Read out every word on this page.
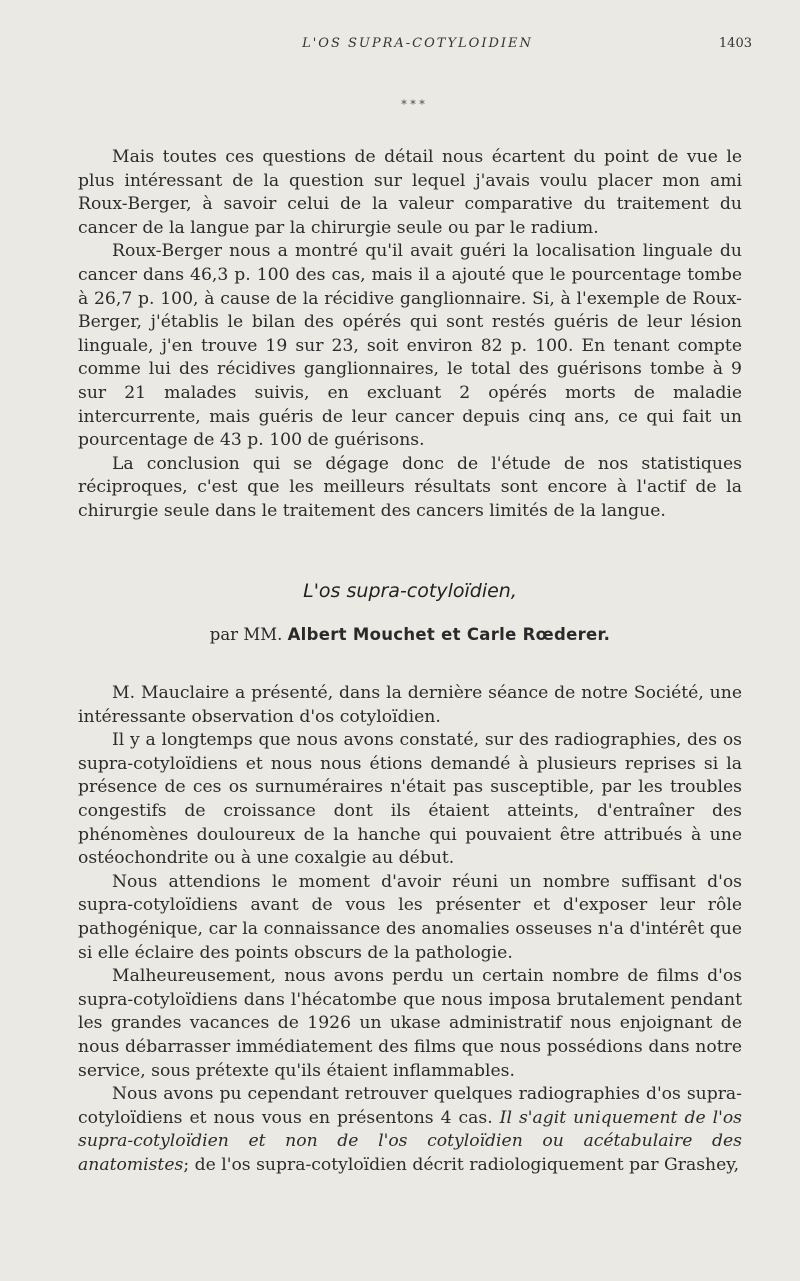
L'OS SUPRA-COTYLOIDIEN	1403
* * *

Mais toutes ces questions de détail nous écartent du point de vue le plus intéressant de la question sur lequel j'avais voulu placer mon ami Roux-Berger, à savoir celui de la valeur comparative du traitement du cancer de la langue par la chirurgie seule ou par le radium.

Roux-Berger nous a montré qu'il avait guéri la localisation linguale du cancer dans 46,3 p. 100 des cas, mais il a ajouté que le pourcentage tombe à 26,7 p. 100, à cause de la récidive ganglionnaire. Si, à l'exemple de Roux-Berger, j'établis le bilan des opérés qui sont restés guéris de leur lésion linguale, j'en trouve 19 sur 23, soit environ 82 p. 100. En tenant compte comme lui des récidives ganglionnaires, le total des guérisons tombe à 9 sur 21 malades suivis, en excluant 2 opérés morts de maladie intercurrente, mais guéris de leur cancer depuis cinq ans, ce qui fait un pourcentage de 43 p. 100 de guérisons.

La conclusion qui se dégage donc de l'étude de nos statistiques réciproques, c'est que les meilleurs résultats sont encore à l'actif de la chirurgie seule dans le traitement des cancers limités de la langue.

L'os supra-cotyloïdien,
par MM. Albert Mouchet et Carle Rœderer.

M. Mauclaire a présenté, dans la dernière séance de notre Société, une intéressante observation d'os cotyloïdien.

Il y a longtemps que nous avons constaté, sur des radiographies, des os supra-cotyloïdiens et nous nous étions demandé à plusieurs reprises si la présence de ces os surnuméraires n'était pas susceptible, par les troubles congestifs de croissance dont ils étaient atteints, d'entraîner des phénomènes douloureux de la hanche qui pouvaient être attribués à une ostéochondrite ou à une coxalgie au début.

Nous attendions le moment d'avoir réuni un nombre suffisant d'os supra-cotyloïdiens avant de vous les présenter et d'exposer leur rôle pathogénique, car la connaissance des anomalies osseuses n'a d'intérêt que si elle éclaire des points obscurs de la pathologie.

Malheureusement, nous avons perdu un certain nombre de films d'os supra-cotyloïdiens dans l'hécatombe que nous imposa brutalement pendant les grandes vacances de 1926 un ukase administratif nous enjoignant de nous débarrasser immédiatement des films que nous possédions dans notre service, sous prétexte qu'ils étaient inflammables.

Nous avons pu cependant retrouver quelques radiographies d'os supra-cotyloïdiens et nous vous en présentons 4 cas. Il s'agit uniquement de l'os supra-cotyloïdien et non de l'os cotyloïdien ou acétabulaire des anatomistes; de l'os supra-cotyloïdien décrit radiologiquement par Grashey,
